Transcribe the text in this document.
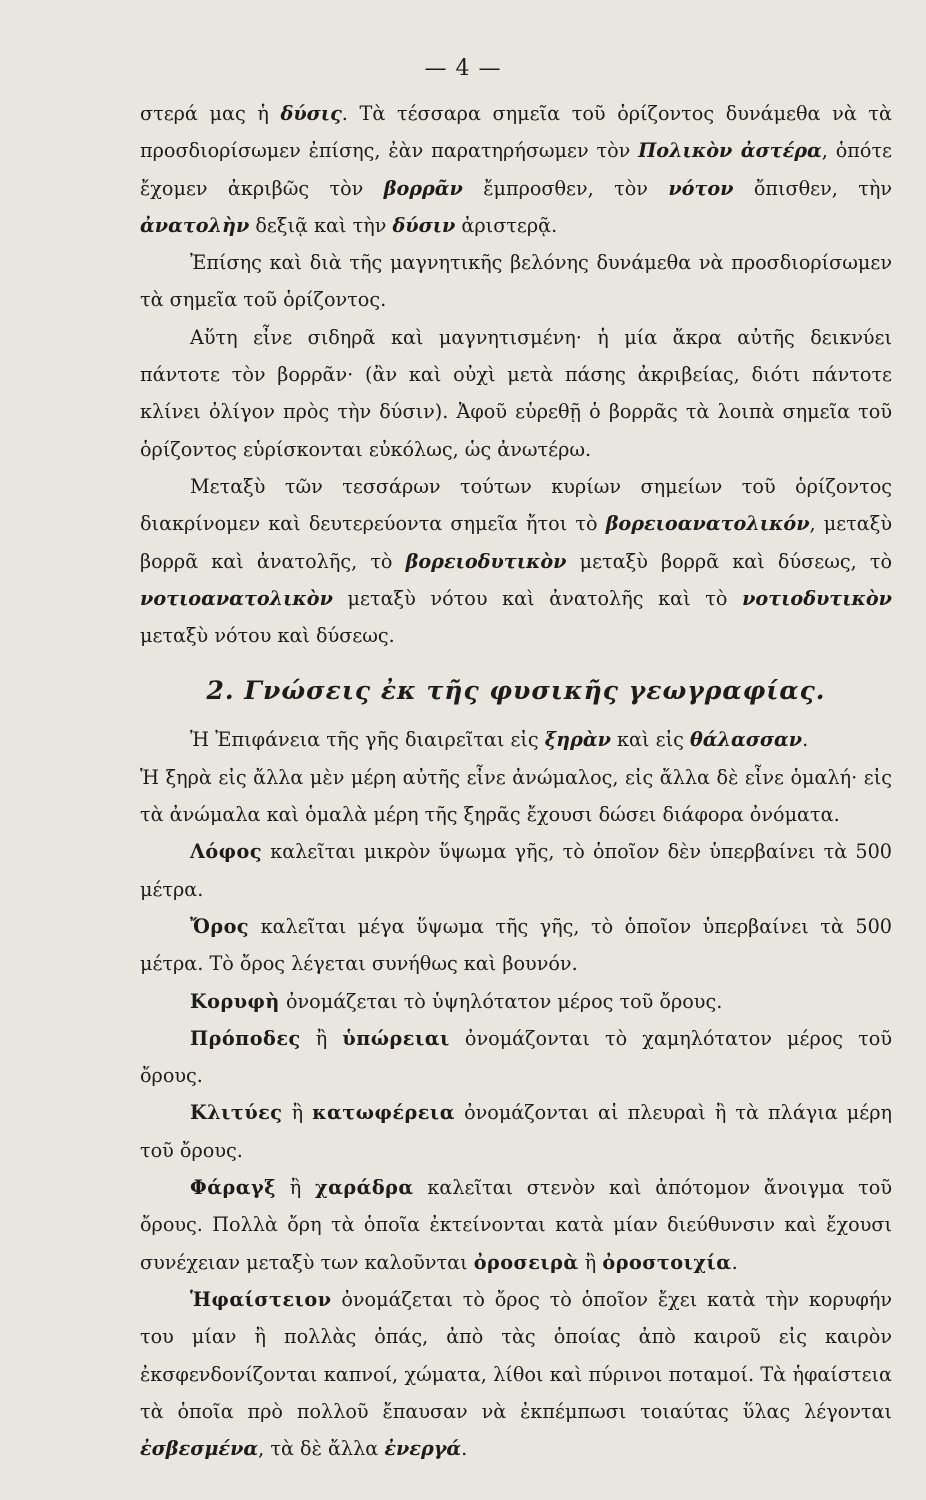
— 4 —

στερά μας ἡ δύσις. Τὰ τέσσαρα σημεῖα τοῦ ὁρίζοντος δυνάμεθα νὰ τὰ προσδιορίσωμεν ἐπίσης, ἐὰν παρατηρήσωμεν τὸν Πολικὸν ἀστέρα, ὁπότε ἔχομεν ἀκριβῶς τὸν βορρᾶν ἔμπροσθεν, τὸν νότον ὄπισθεν, τὴν ἀνατολὴν δεξιᾷ καὶ τὴν δύσιν ἀριστερᾷ.

Ἐπίσης καὶ διὰ τῆς μαγνητικῆς βελόνης δυνάμεθα νὰ προσδιορίσωμεν τὰ σημεῖα τοῦ ὁρίζοντος.

Αὕτη εἶνε σιδηρᾶ καὶ μαγνητισμένη· ἡ μία ἄκρα αὐτῆς δεικνύει πάντοτε τὸν βορρᾶν· (ἂν καὶ οὐχὶ μετὰ πάσης ἀκριβείας, διότι πάντοτε κλίνει ὀλίγον πρὸς τὴν δύσιν). Ἀφοῦ εὑρεθῇ ὁ βορρᾶς τὰ λοιπὰ σημεῖα τοῦ ὁρίζοντος εὑρίσκονται εὐκόλως, ὡς ἀνωτέρω.

Μεταξὺ τῶν τεσσάρων τούτων κυρίων σημείων τοῦ ὁρίζοντος διακρίνομεν καὶ δευτερεύοντα σημεῖα ἤτοι τὸ βορειοανατολικόν, μεταξὺ βορρᾶ καὶ ἀνατολῆς, τὸ βορειοδυτικὸν μεταξὺ βορρᾶ καὶ δύσεως, τὸ νοτιοανατολικὸν μεταξὺ νότου καὶ ἀνατολῆς καὶ τὸ νοτιοδυτικὸν μεταξὺ νότου καὶ δύσεως.

2. Γνώσεις ἐκ τῆς φυσικῆς γεωγραφίας.

Ἡ Ἐπιφάνεια τῆς γῆς διαιρεῖται εἰς ξηρὰν καὶ εἰς θάλασσαν.

Ἡ ξηρὰ εἰς ἄλλα μὲν μέρη αὐτῆς εἶνε ἀνώμαλος, εἰς ἄλλα δὲ εἶνε ὁμαλή· εἰς τὰ ἀνώμαλα καὶ ὁμαλὰ μέρη τῆς ξηρᾶς ἔχουσι δώσει διάφορα ὀνόματα.

Λόφος καλεῖται μικρὸν ὕψωμα γῆς, τὸ ὁποῖον δὲν ὑπερβαίνει τὰ 500 μέτρα.

Ὄρος καλεῖται μέγα ὕψωμα τῆς γῆς, τὸ ὁποῖον ὑπερβαίνει τὰ 500 μέτρα. Τὸ ὄρος λέγεται συνήθως καὶ βουνόν.

Κορυφὴ ὀνομάζεται τὸ ὑψηλότατον μέρος τοῦ ὄρους.

Πρόποδες ἢ ὑπώρειαι ὀνομάζονται τὸ χαμηλότατον μέρος τοῦ ὄρους.

Κλιτύες ἢ κατωφέρεια ὀνομάζονται αἱ πλευραὶ ἢ τὰ πλάγια μέρη τοῦ ὄρους.

Φάραγξ ἢ χαράδρα καλεῖται στενὸν καὶ ἀπότομον ἄνοιγμα τοῦ ὄρους. Πολλὰ ὄρη τὰ ὁποῖα ἐκτείνονται κατὰ μίαν διεύθυνσιν καὶ ἔχουσι συνέχειαν μεταξὺ των καλοῦνται ὀροσειρὰ ἢ ὀροστοιχία.

Ἡφαίστειον ὀνομάζεται τὸ ὄρος τὸ ὁποῖον ἔχει κατὰ τὴν κορυφήν του μίαν ἢ πολλὰς ὀπάς, ἀπὸ τὰς ὁποίας ἀπὸ καιροῦ εἰς καιρὸν ἐκσφενδονίζονται καπνοί, χώματα, λίθοι καὶ πύρινοι ποταμοί. Τὰ ἡφαίστεια τὰ ὁποῖα πρὸ πολλοῦ ἔπαυσαν νὰ ἐκπέμπωσι τοιαύτας ὕλας λέγονται ἐσβεσμένα, τὰ δὲ ἄλλα ἐνεργά.
